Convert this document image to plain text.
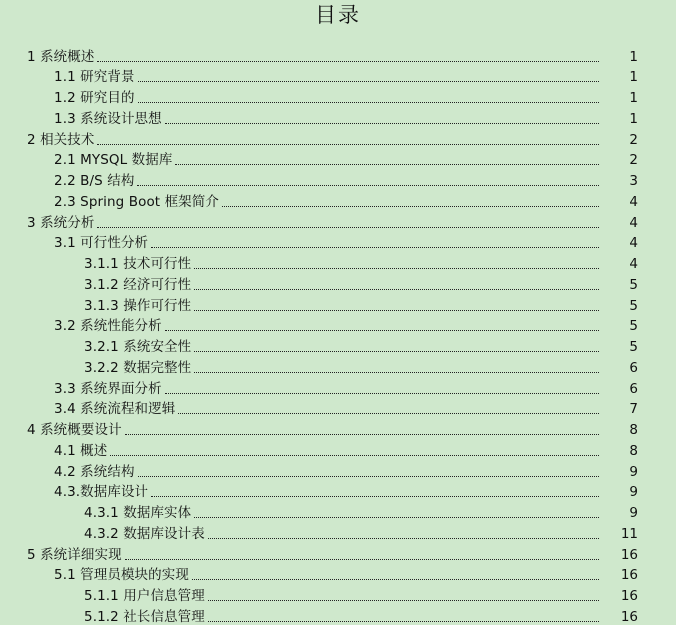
目录
1 系统概述	1
1.1 研究背景	1
1.2 研究目的	1
1.3 系统设计思想	1
2 相关技术	2
2.1 MYSQL 数据库	2
2.2 B/S 结构	3
2.3 Spring Boot 框架简介	4
3 系统分析	4
3.1 可行性分析	4
3.1.1 技术可行性	4
3.1.2 经济可行性	5
3.1.3 操作可行性	5
3.2 系统性能分析	5
3.2.1 系统安全性	5
3.2.2 数据完整性	6
3.3 系统界面分析	6
3.4 系统流程和逻辑	7
4 系统概要设计	8
4.1 概述	8
4.2 系统结构	9
4.3.数据库设计	9
4.3.1 数据库实体	9
4.3.2 数据库设计表	11
5 系统详细实现	16
5.1 管理员模块的实现	16
5.1.1 用户信息管理	16
5.1.2 社长信息管理	16
